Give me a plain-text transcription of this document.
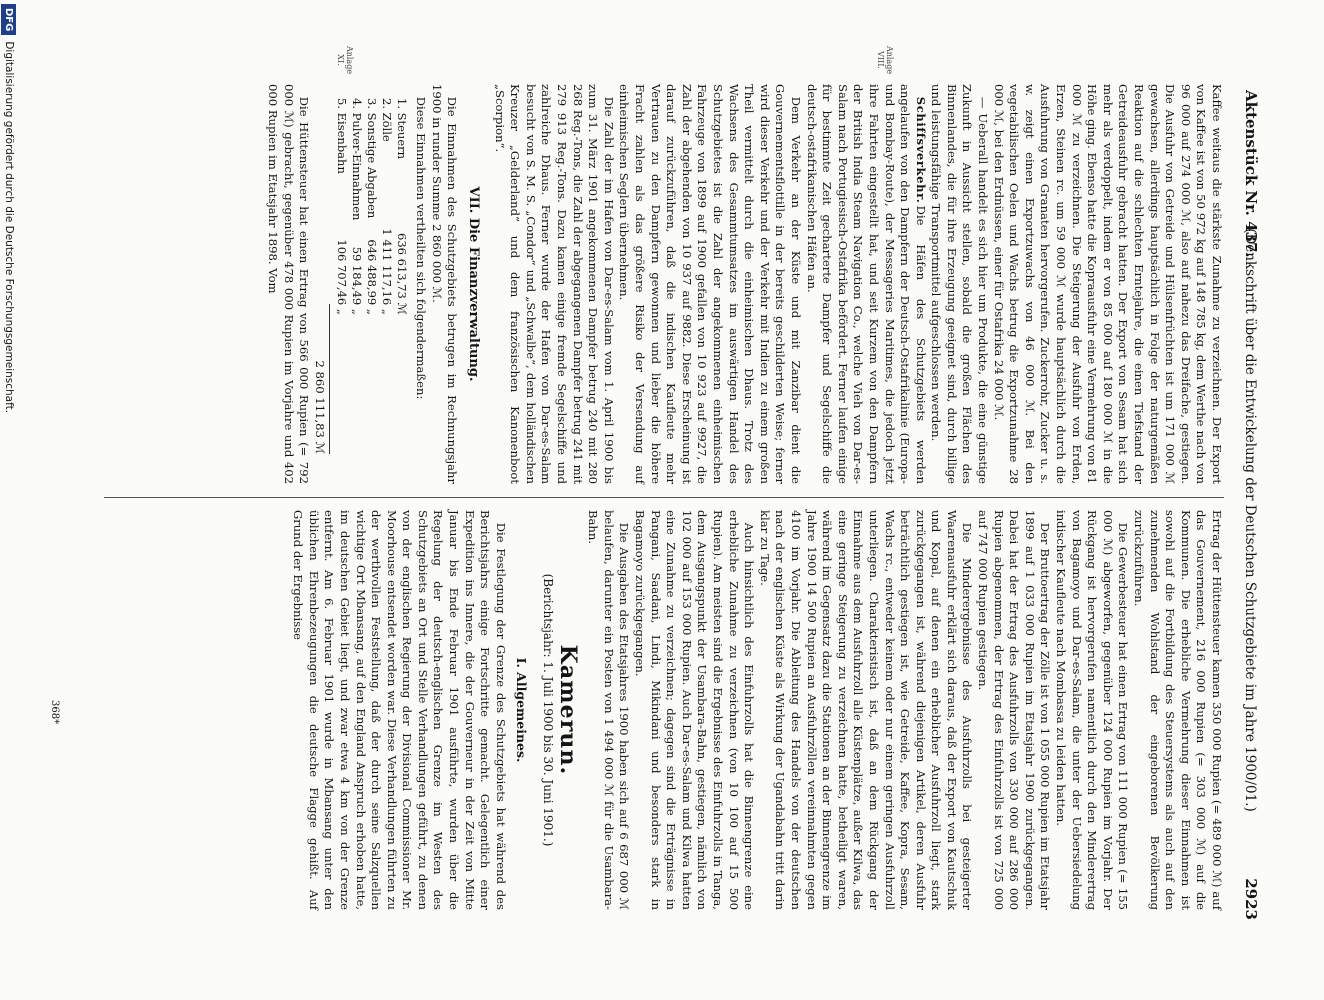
Aktenstück Nr. 437.
(Denkschrift über die Entwickelung der Deutschen Schutzgebiete im Jahre 1900/01.)
2923
Anlage VIII.
Anlage XI.

Kaffee weitaus die stärkste Zunahme zu verzeichnen. Der Export von Kaffee ist von 50 972 kg auf 148 785 kg, dem Werthe nach von 96 000 auf 274 000 ℳ, also auf nahezu das Dreifache, gestiegen. Die Ausfuhr von Getreide und Hülsenfrüchten ist um 171 000 ℳ gewachsen, allerdings hauptsächlich in Folge der naturgemäßen Reaktion auf die schlechten Erntejahre, die einen Tiefstand der Getreideausfuhr gebracht hatten. Der Export von Sesam hat sich mehr als verdoppelt, indem er von 85 000 auf 180 000 ℳ in die Höhe ging. Ebenso hatte die Kopraausfuhr eine Vermehrung von 81 000 ℳ zu verzeichnen. Die Steigerung der Ausfuhr von Erden, Erzen, Steinen rc. um 59 000 ℳ wurde hauptsächlich durch die Ausfuhrung von Granaten hervorgerufen. Zuckerrohr, Zucker u. s. w. zeigt einen Exportzuwachs von 46 000 ℳ. Bei den vegetabilischen Oelen und Wachs betrug die Exportzunahme 28 000 ℳ, bei den Erdnüssen, einer für Ostafrika 24 000 ℳ.

— Ueberall handelt es sich hier um Produkte, die eine günstige Zukunft in Aussicht stellen, sobald die großen Flächen des Binnenlandes, die für ihre Erzeugung geeignet sind, durch billige und leistungsfähige Transportmittel aufgeschlossen werden.

Schiffsverkehr.Die Häfen des Schutzgebiets werden angelaufen von den Dampfern der Deutsch-Ostafrikalinie (Europa- und Bombay-Route), der Messageries Maritimes, die jedoch jetzt ihre Fahrten eingestellt hat, und seit Kurzem von den Dampfern der British India Steam Navigation Co., welche Vieh von Dar-es-Salam nach Portugiesisch-Ostafrika befördert. Ferner laufen einige für bestimmte Zeit gecharterte Dampfer und Segelschiffe die deutsch-ostafrikanischen Häfen an.

Dem Verkehr an der Küste und mit Zanzibar dient die Gouvernementsflottille in der bereits geschilderten Weise; ferner wird dieser Verkehr und der Verkehr mit Indien zu einem großen Theil vermittelt durch die einheimischen Dhaus. Trotz des Wachsens des Gesammtumsatzes im auswärtigen Handel des Schutzgebietes ist die Zahl der angekommenen einheimischen Fahrzeuge von 1899 auf 1900 gefallen von 10 923 auf 9927, die Zahl der abgehenden von 10 937 auf 9882. Diese Erscheinung ist darauf zurückzuführen, daß die indischen Kaufleute mehr Vertrauen zu den Dampfern gewonnen und lieber die höhere Fracht zahlen als das größere Risiko der Versendung auf einheimischen Seglern übernehmen.

Die Zahl der im Hafen von Dar-es-Salam vom 1. April 1900 bis zum 31. März 1901 angekommenen Dampfer betrug 240 mit 280 268 Reg.-Tons, die Zahl der abgegangenen Dampfer betrug 241 mit 279 913 Reg.-Tons. Dazu kamen einige fremde Segelschiffe und zahlreiche Dhaus. Ferner wurde der Hafen von Dar-es-Salam besucht von S. M. S. „Condor“ und „Schwalbe“, dem holländischen Kreuzer „Gelderland“ und dem französischen Kanonenboot „Scorpion“.

VII. Die Finanzverwaltung.

Die Einnahmen des Schutzgebiets betrugen im Rechnungsjahr 1900 in runder Summe 2 860 000 ℳ.

Diese Einnahmen vertheilten sich folgendermaßen:

1. Steuern	636 613,73 ℳ
2. Zölle	1 411 117,16 „
3. Sonstige Abgaben	646 488,99 „
4. Pulver-Einnahmen	59 184,49 „
5. Eisenbahn	106 707,46 „
2 860 111,83 ℳ

Die Hüttensteuer hat einen Ertrag von 566 000 Rupien (= 792 000 ℳ) gebracht, gegenüber 478 000 Rupien im Vorjahre und 402 000 Rupien im Etatsjahr 1898. Vom

Ertrag der Hüttensteuer kamen 350 000 Rupien (= 489 000 ℳ) auf das Gouvernement, 216 000 Rupien (= 303 000 ℳ) auf die Kommunen. Die erhebliche Vermehrung dieser Einnahmen ist sowohl auf die Fortbildung des Steuersystems als auch auf den zunehmenden Wohlstand der eingeborenen Bevölkerung zurückzuführen.

Die Gewerbesteuer hat einen Ertrag von 111 000 Rupien (= 155 000 ℳ) abgeworfen, gegenüber 124 000 Rupien im Vorjahr. Der Rückgang ist hervorgerufen namentlich durch den Minderertrag von Bagamoyo und Dar-es-Salam, die unter der Uebersiedelung indischer Kaufleute nach Mombassa zu leiden hatten.

Der Bruttoertrag der Zölle ist von 1 055 000 Rupien im Etatsjahr 1899 auf 1 033 000 Rupien im Etatsjahr 1900 zurückgegangen. Dabei hat der Ertrag des Ausfuhrzolls von 330 000 auf 286 000 Rupien abgenommen, der Ertrag des Einfuhrzolls ist von 725 000 auf 747 000 Rupien gestiegen.

Die Minderergebnisse des Ausfuhrzolls bei gesteigerter Waarenausfuhr erklärt sich daraus, daß der Export von Kautschuk und Kopal, auf denen ein erheblicher Ausfuhrzoll liegt, stark zurückgegangen ist, während diejenigen Artikel, deren Ausfuhr beträchtlich gestiegen ist, wie Getreide, Kaffee, Kopra, Sesam, Wachs rc., entweder keinem oder nur einem geringen Ausfuhrzoll unterliegen. Charakteristisch ist, daß an dem Rückgang der Einnahme aus dem Ausfuhrzoll alle Küstenplätze, außer Kilwa, das eine geringe Steigerung zu verzeichnen hatte, betheiligt waren, während im Gegensatz dazu die Stationen an der Binnengrenze im Jahre 1900 14 500 Rupien an Ausfuhrzöllen vereinnahmten gegen 4100 im Vorjahr. Die Ableitung des Handels von der deutschen nach der englischen Küste als Wirkung der Ugandabahn tritt darin klar zu Tage.

Auch hinsichtlich des Einfuhrzolls hat die Binnengrenze eine erhebliche Zunahme zu verzeichnen (von 10 100 auf 15 500 Rupien). Am meisten sind die Ergebnisse des Einfuhrzolls in Tanga, dem Ausgangspunkt der Usambara-Bahn, gestiegen, nämlich von 102 000 auf 153 000 Rupien. Auch Dar-es-Salam und Kilwa hatten eine Zunahme zu verzeichnen; dagegen sind die Erträgnisse in Pangani, Saadani, Lindi, Mikindani und besonders stark in Bagamoyo zurückgegangen.

Die Ausgaben des Etatsjahres 1900 haben sich auf 6 687 000 ℳ belaufen, darunter ein Posten von 1 494 000 ℳ für die Usambara-Bahn.

Kamerun.
(Berichtsjahr: 1. Juli 1900 bis 30. Juni 1901.)
I. Allgemeines.

Die Festlegung der Grenze des Schutzgebiets hat während des Berichtsjahrs einige Fortschritte gemacht. Gelegentlich einer Expedition ins Innere, die der Gouverneur in der Zeit von Mitte Januar bis Ende Februar 1901 ausführte, wurden über die Regelung der deutsch-englischen Grenze im Westen des Schutzgebiets an Ort und Stelle Verhandlungen geführt, zu denen von der englischen Regierung der Divisional Commissioner Mr. Moorhouse entsendet worden war. Diese Verhandlungen führten zu der werthvollen Feststellung, daß der durch seine Salzquellen wichtige Ort Mbansang, auf den England Anspruch erhoben hatte, im deutschen Gebiet liegt, und zwar etwa 4 km von der Grenze entfernt. Am 6. Februar 1901 wurde in Mbansang unter den üblichen Ehrenbezeugungen die deutsche Flagge gehißt. Auf Grund der Ergebnisse

368*
DFGDigitalisierung gefördert durch die Deutsche Forschungsgemeinschaft.
